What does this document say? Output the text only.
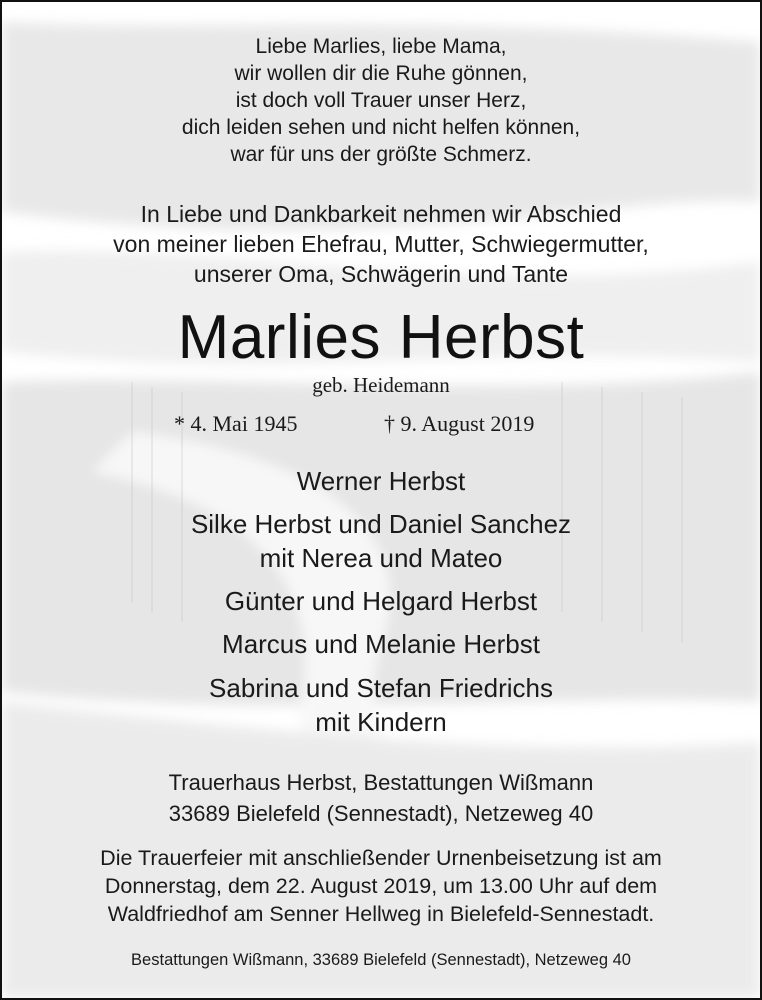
Liebe Marlies, liebe Mama,
wir wollen dir die Ruhe gönnen,
ist doch voll Trauer unser Herz,
dich leiden sehen und nicht helfen können,
war für uns der größte Schmerz.
In Liebe und Dankbarkeit nehmen wir Abschied
von meiner lieben Ehefrau, Mutter, Schwiegermutter,
unserer Oma, Schwägerin und Tante
Marlies Herbst
geb. Heidemann
* 4. Mai 1945	† 9. August 2019
Werner Herbst
Silke Herbst und Daniel Sanchez
mit Nerea und Mateo
Günter und Helgard Herbst
Marcus und Melanie Herbst
Sabrina und Stefan Friedrichs
mit Kindern
Trauerhaus Herbst, Bestattungen Wißmann
33689 Bielefeld (Sennestadt), Netzeweg 40
Die Trauerfeier mit anschließender Urnenbeisetzung ist am
Donnerstag, dem 22. August 2019, um 13.00 Uhr auf dem
Waldfriedhof am Senner Hellweg in Bielefeld-Sennestadt.
Bestattungen Wißmann, 33689 Bielefeld (Sennestadt), Netzeweg 40
